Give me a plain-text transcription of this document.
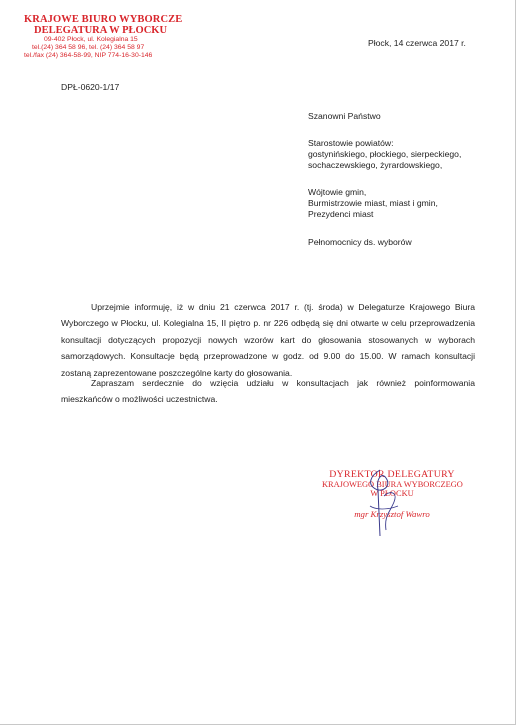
KRAJOWE BIURO WYBORCZE
DELEGATURA W PŁOCKU
09-402 Płock, ul. Kolegialna 15
tel.(24) 364 58 96, tel. (24) 364 58 97
tel./fax (24) 364-58-99, NIP 774-16-30-146
Płock, 14 czerwca 2017 r.
DPŁ-0620-1/17
Szanowni Państwo
Starostowie powiatów:
gostynińskiego, płockiego, sierpeckiego,
sochaczewskiego, żyrardowskiego,
Wójtowie gmin,
Burmistrzowie miast, miast i gmin,
Prezydenci miast
Pełnomocnicy ds. wyborów
Uprzejmie informuję, iż w dniu 21 czerwca 2017 r. (tj. środa) w Delegaturze Krajowego Biura
Wyborczego w Płocku, ul. Kolegialna 15, II piętro p. nr 226 odbędą się dni otwarte w celu przeprowadzenia
konsultacji dotyczących propozycji nowych wzorów kart do głosowania stosowanych w wyborach
samorządowych. Konsultacje będą przeprowadzone w godz. od 9.00 do 15.00. W ramach konsultacji
zostaną zaprezentowane poszczególne karty do głosowania.
Zapraszam serdecznie do wzięcia udziału w konsultacjach jak również poinformowania
mieszkańców o możliwości uczestnictwa.
DYREKTOR DELEGATURY
KRAJOWEGO BIURA WYBORCZEGO
W PŁOCKU
mgr Krzysztof Wawro
